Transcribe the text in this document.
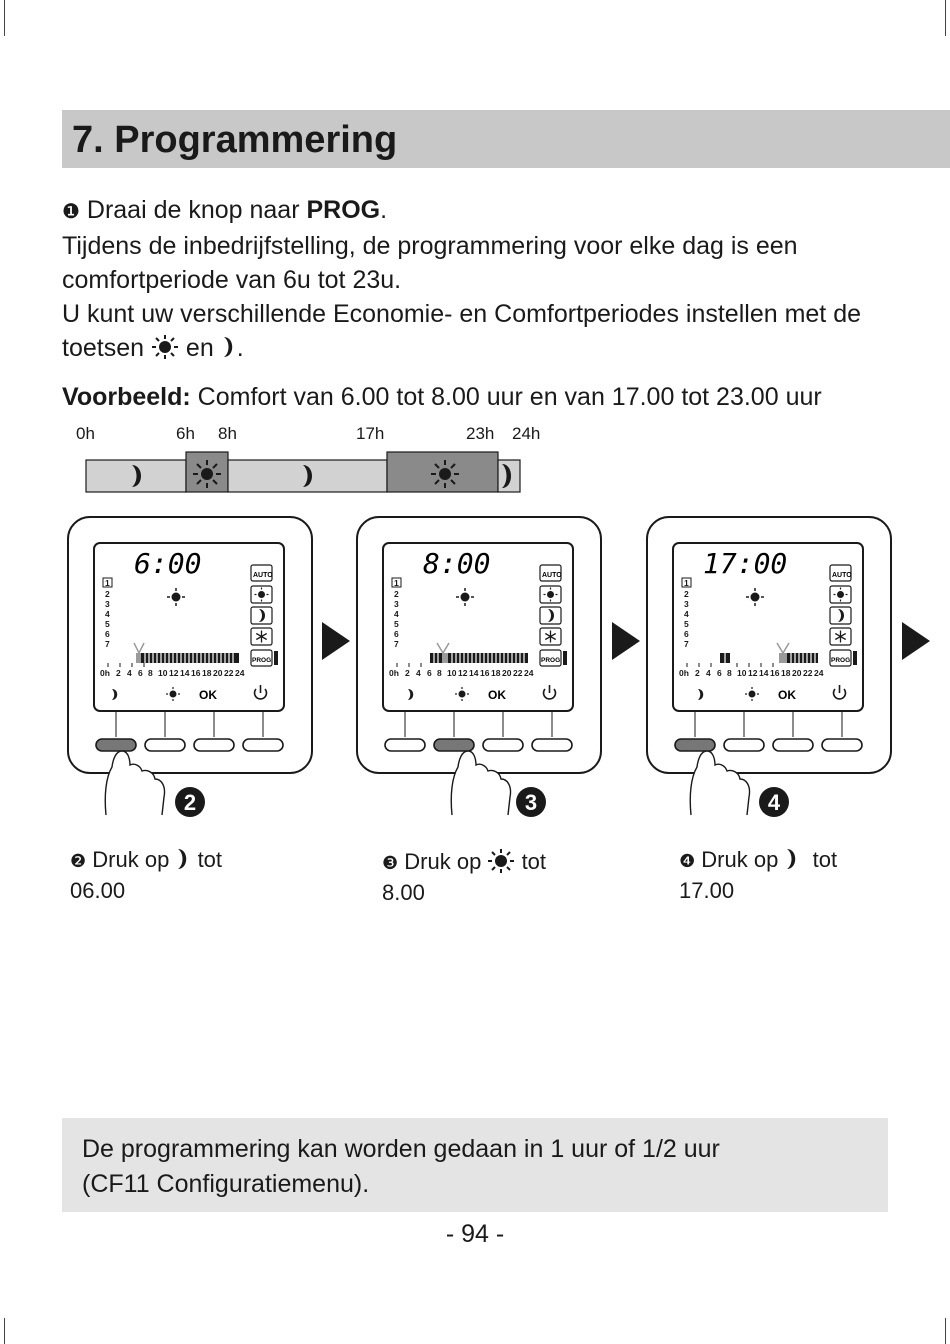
7. Programmering

❶ Draai de knop naar PROG.

Tijdens de inbedrijfstelling, de programmering voor elke dag is een comfortperiode van 6u tot 23u.

U kunt uw verschillende Economie- en Comfortperiodes instellen met de toetsen en .

Voorbeeld: Comfort van 6.00 tot 8.00 uur en van 17.00 tot 23.00 uur
0h	6h 8h	17h	23h 24h
6:00
1
2
3
4
5
6
7
AUTO
PROG
0h 2 4 6 8 10 12 14 16 18 20 22 24
OK
2
8:00
1
2
3
4
5
6
7
AUTO
PROG
0h 2 4 6 8 10 12 14 16 18 20 22 24
OK
3
17:00
1
2
3
4
5
6
7
AUTO
PROG
0h 2 4 6 8 10 12 14 16 18 20 22 24
OK
4
❷ Druk op tot
06.00
❸ Druk op tot
8.00
❹ Druk op tot
17.00

De programmering kan worden gedaan in 1 uur of 1/2 uur
(CF11 Configuratiemenu).

- 94 -
